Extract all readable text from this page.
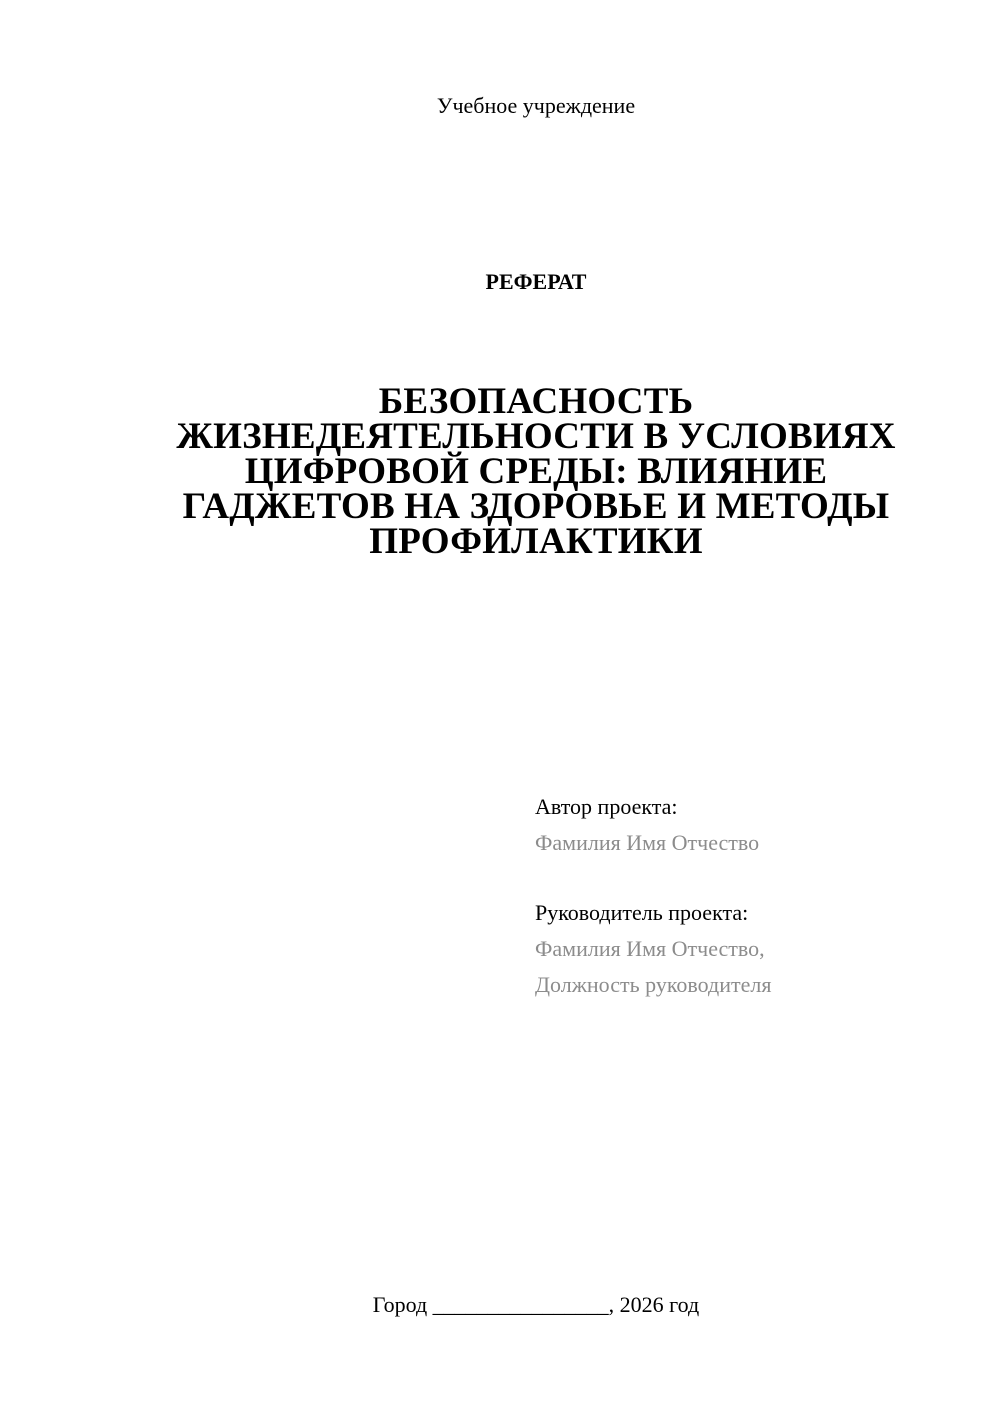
Учебное учреждение
РЕФЕРАТ
БЕЗОПАСНОСТЬ
ЖИЗНЕДЕЯТЕЛЬНОСТИ В УСЛОВИЯХ
ЦИФРОВОЙ СРЕДЫ: ВЛИЯНИЕ
ГАДЖЕТОВ НА ЗДОРОВЬЕ И МЕТОДЫ
ПРОФИЛАКТИКИ
Автор проекта:
Фамилия Имя Отчество
Руководитель проекта:
Фамилия Имя Отчество,
Должность руководителя
Город ________________, 2026 год
